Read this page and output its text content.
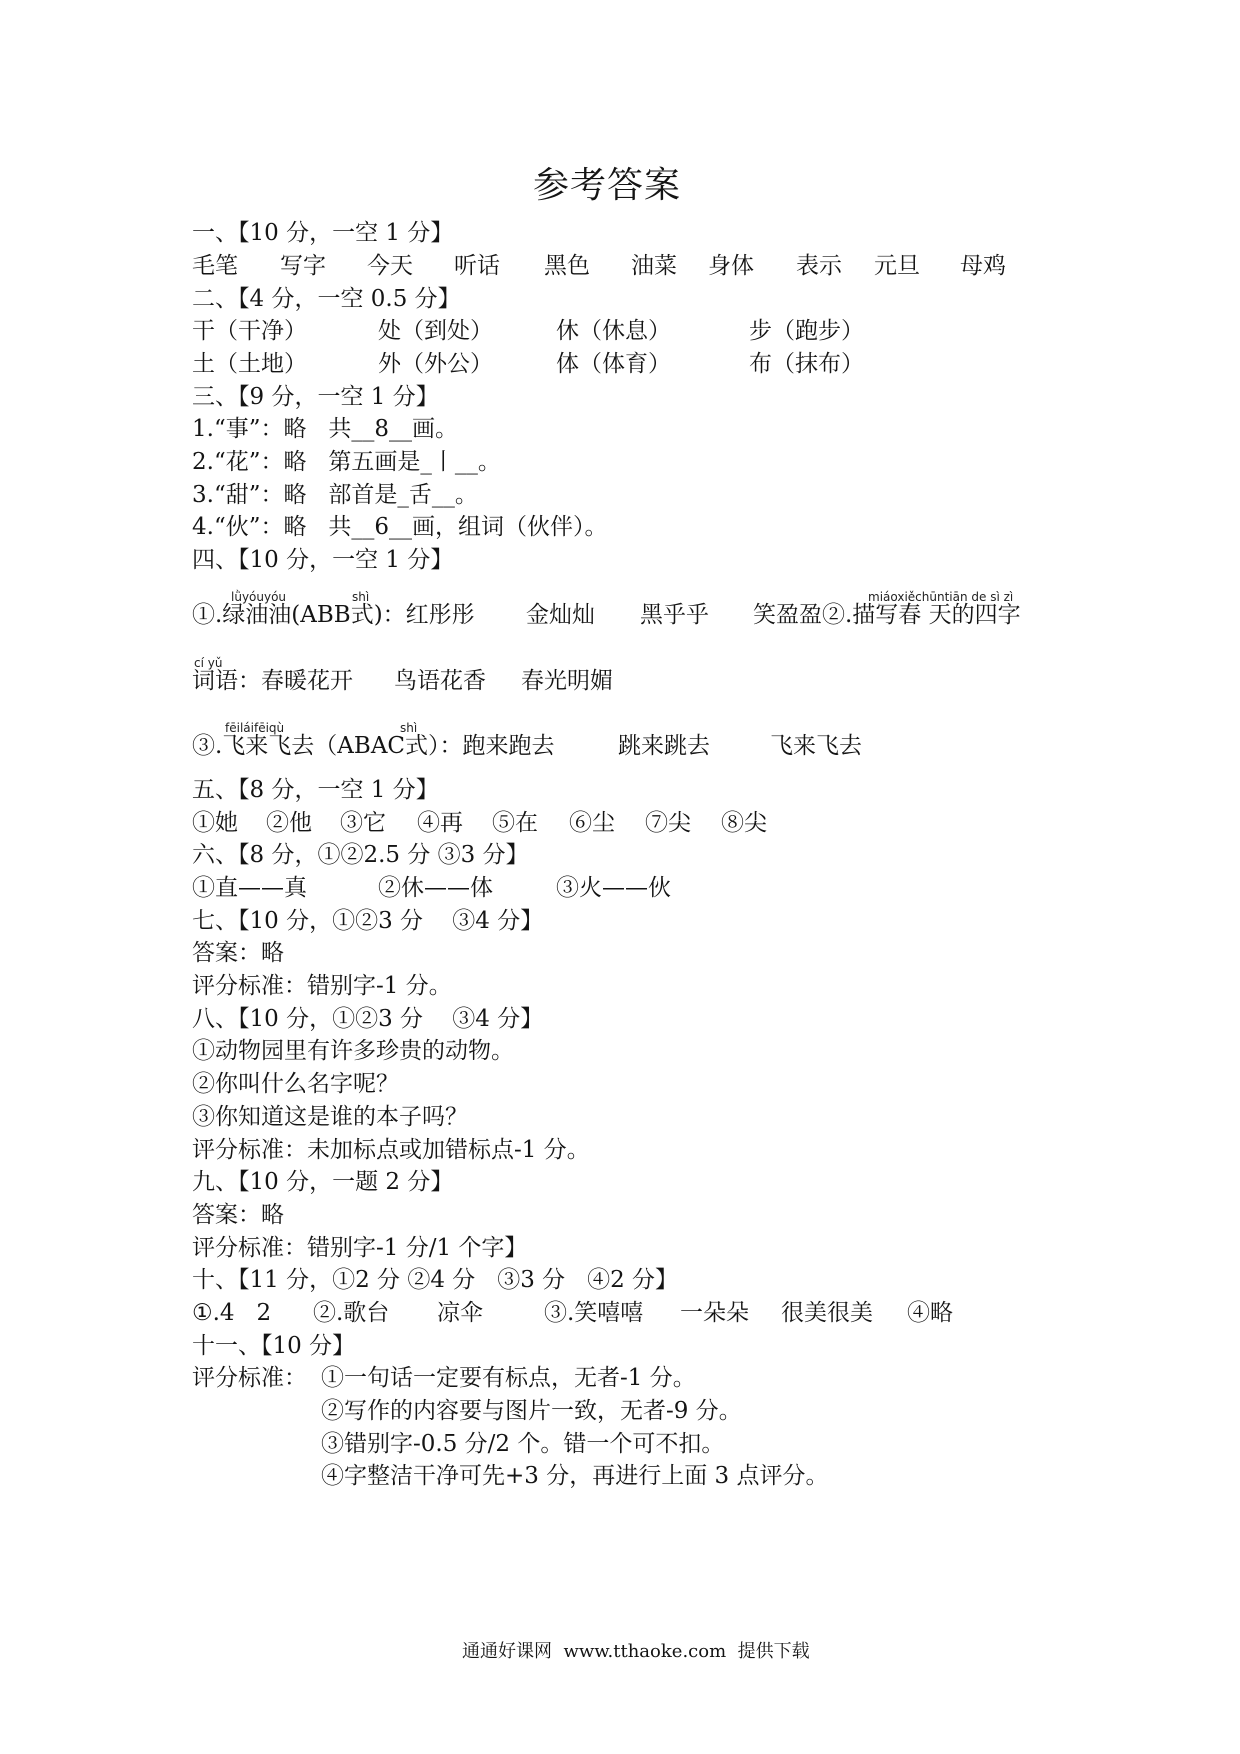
参考答案
一、【10 分，一空 1 分】
毛笔 写字 今天 听话 黑色 油菜 身体 表示 元旦 母鸡
二、【4 分，一空 0.5 分】
干（干净）	处（到处）	休（休息）	步（跑步）
土（土地）	外（外公）	体（体育）	布（抹布）
三、【9 分，一空 1 分】
1.“事”：略   共__8__画。
2.“花”：略   第五画是_丨__。
3.“甜”：略   部首是_舌__。
4.“伙”：略   共__6__画，组词（伙伴）。
四、【10 分，一空 1 分】
lǜyóuyóu	shì	miáoxiěchūntiān de sì zì
①.绿油油(ABB式)：红彤彤 金灿灿 黑乎乎 笑盈盈②.描写春 天的四字
cí yǔ
词语：春暖花开 鸟语花香 春光明媚
fēiláifēiqù	shì
③.飞来飞去（ABAC式）：跑来跑去	跳来跳去	飞来飞去
五、【8 分，一空 1 分】
①她 ②他 ③它 ④再 ⑤在 ⑥尘 ⑦尖 ⑧尖
六、【8 分，①②2.5 分 ③3 分】
①直——真	②休——体	③火——伙
七、【10 分，①②3 分    ③4 分】
答案：略
评分标准：错别字-1 分。
八、【10 分，①②3 分    ③4 分】
①动物园里有许多珍贵的动物。
②你叫什么名字呢？
③你知道这是谁的本子吗？
评分标准：未加标点或加错标点-1 分。
九、【10 分，一题 2 分】
答案：略
评分标准：错别字-1 分/1 个字】
十、【11 分，①2 分 ②4 分   ③3 分   ④2 分】
①.4   2 ②.歌台 凉伞	③.笑嘻嘻 一朵朵 很美很美 ④略
十一、【10 分】
评分标准： ①一句话一定要有标点，无者-1 分。
②写作的内容要与图片一致，无者-9 分。
③错别字-0.5 分/2 个。错一个可不扣。
④字整洁干净可先+3 分，再进行上面 3 点评分。
通通好课网  www.tthaoke.com  提供下载
